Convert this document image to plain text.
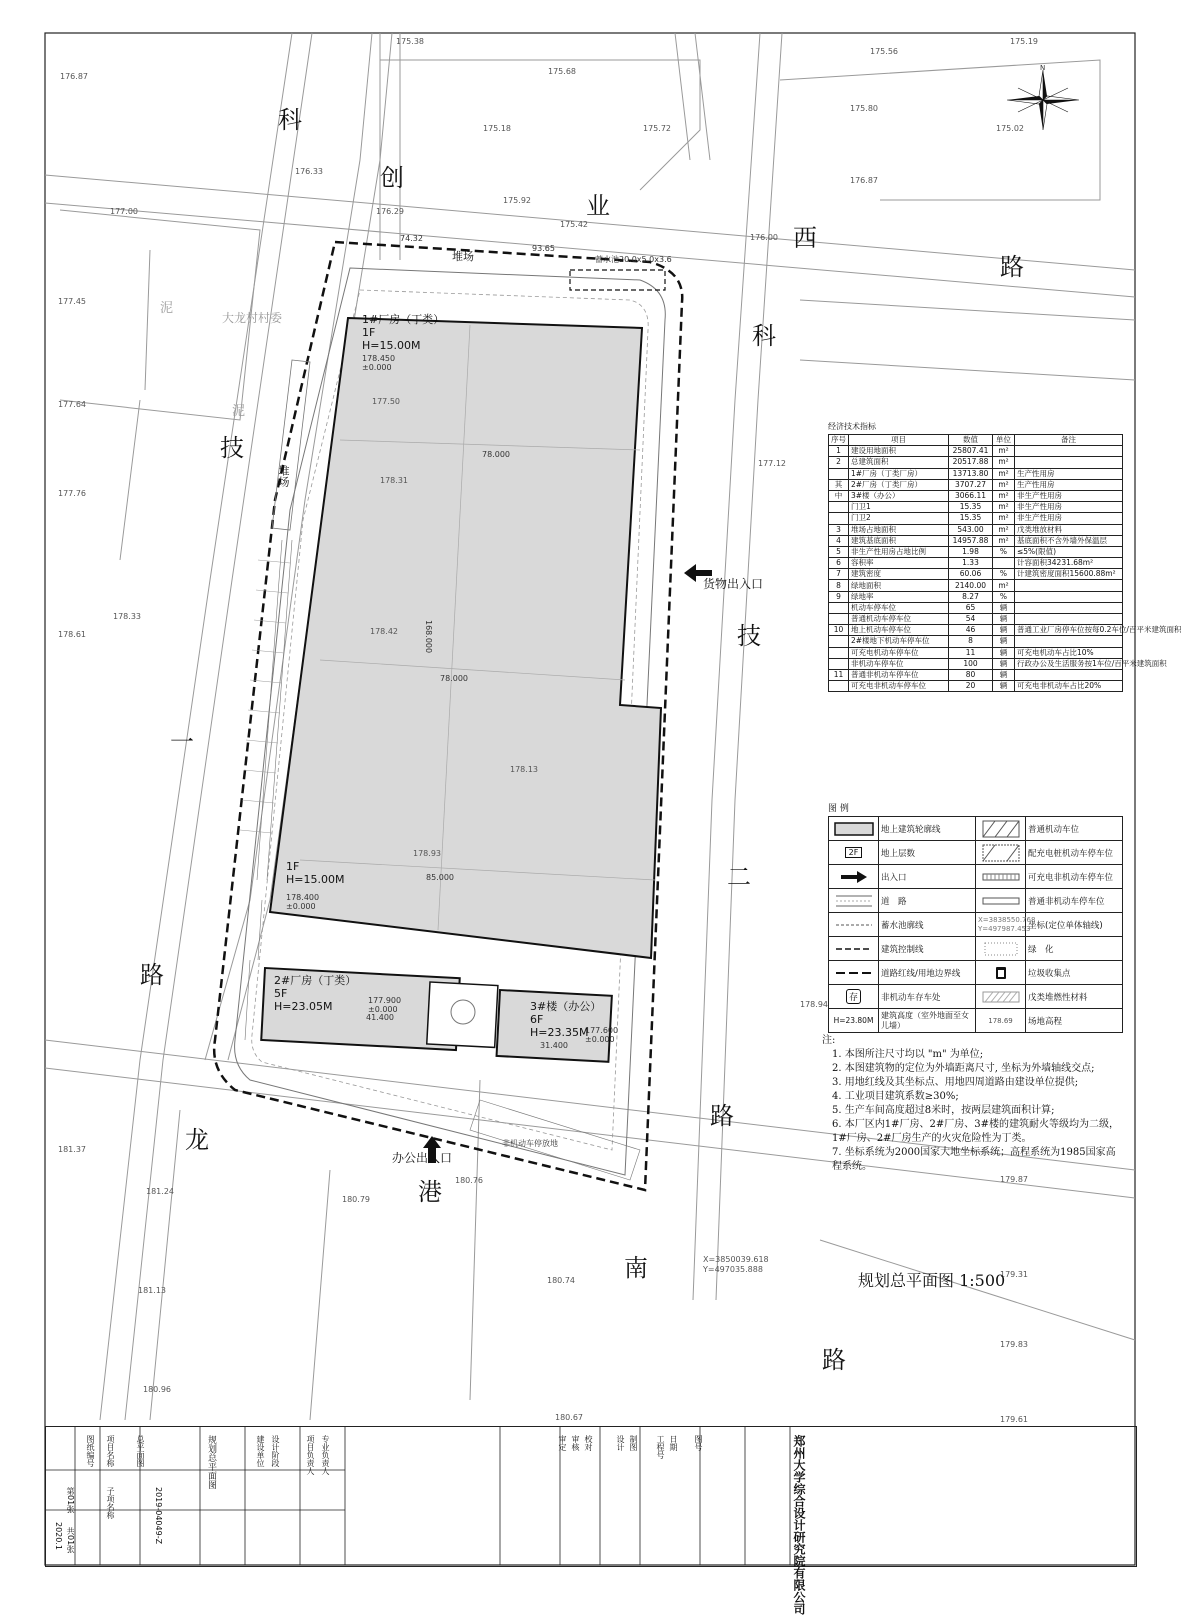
科
创
业
西
路
技
一
路
科
技
二
路
龙
港
南
路
大龙村村委
泥
泥
堆场
堆场
蓄水池20.0x5.0x3.6
货物出入口
办公出入口
非机动车停放地
N
1#厂房（丁类）
1F
H=15.00M
178.450
±0.000
1F
H=15.00M
178.400
±0.000
2#厂房（丁类）
5F
H=23.05M	177.900
±0.000	3#楼（办公）
6F
H=23.35M
177.600
±0.000
78.000
78.000
85.000
168.000
74.32
93.65
41.400
31.400
175.38
175.68
175.56
175.19
176.87
175.18	175.72
175.80
175.02
176.33
175.92
176.29
175.42
176.00
176.87
177.00
177.45
177.64
177.76
178.31
177.50
177.12
178.61	178.42
178.33
178.13
178.93
178.94
181.37
181.24
180.79
180.76
181.13
180.74
180.96
179.87
179.83
179.61
180.67
179.31
经济技术指标
序号	项目	数值	单位	备注
1	建设用地面积	25807.41	m²	
2	总建筑面积	20517.88	m²	
	1#厂房（丁类厂房）	13713.80	m²	生产性用房
其	2#厂房（丁类厂房）	3707.27	m²	生产性用房
中	3#楼（办公）	3066.11	m²	非生产性用房
	门卫1	15.35	m²	非生产性用房
	门卫2	15.35	m²	非生产性用房
3	堆场占地面积	543.00	m²	戊类堆放材料
4	建筑基底面积	14957.88	m²	基底面积不含外墙外保温层
5	非生产性用房占地比例	1.98	%	≤5%(限值)
6	容积率	1.33		计容面积34231.68m²
7	建筑密度	60.06	%	计建筑密度面积15600.88m²
8	绿地面积	2140.00	m²	
9	绿地率	8.27	%	
	机动车停车位	65	辆	
	普通机动车停车位	54	辆	
10	地上机动车停车位	46	辆	普通工业厂房停车位按每0.2车位/百平米建筑面积
	2#楼地下机动车停车位	8	辆	
	可充电机动车停车位	11	辆	可充电机动车占比10%
	非机动车停车位	100	辆	行政办公及生活服务按1车位/百平米建筑面积
11	普通非机动车停车位	80	辆	
	可充电非机动车停车位	20	辆	可充电非机动车占比20%
图 例
	地上建筑轮廓线		普通机动车位
2F	地上层数		配充电桩机动车停车位

	出入口		可充电非机动车停车位

	道　路		普通非机动车停车位

	蓄水池廓线	X=3838550.768
Y=497987.453	坐标(定位单体轴线)

	建筑控制线		绿　化

	道路红线/用地边界线		垃圾收集点
存	非机动车存车处		戊类堆燃性材料
H=23.80M	建筑高度（室外地面至女儿墙）	178.69	场地高程
注:
1. 本图所注尺寸均以 "m" 为单位;
2. 本图建筑物的定位为外墙距离尺寸, 坐标为外墙轴线交点;
3. 用地红线及其坐标点、用地四周道路由建设单位提供;
4. 工业项目建筑系数≥30%;
5. 生产车间高度超过8米时，按两层建筑面积计算;
6. 本厂区内1#厂房、2#厂房、3#楼的建筑耐火等级均为二级，1#厂房、2#厂房生产的火灾危险性为丁类。
7. 坐标系统为2000国家大地坐标系统；高程系统为1985国家高程系统。
规划总平面图 1:500
X=3850039.618
Y=497035.888
郑州大学综合设计研究院有限公司
规划总平面图
总平面图
2019-04049-Z
2020.1
第01张
共01张
图纸编号 项目名称
子项名称
建设单位 设计阶段	项目负责人 专业负责人	审定 审核 校对	设计 制图 工程号 日期 图号
